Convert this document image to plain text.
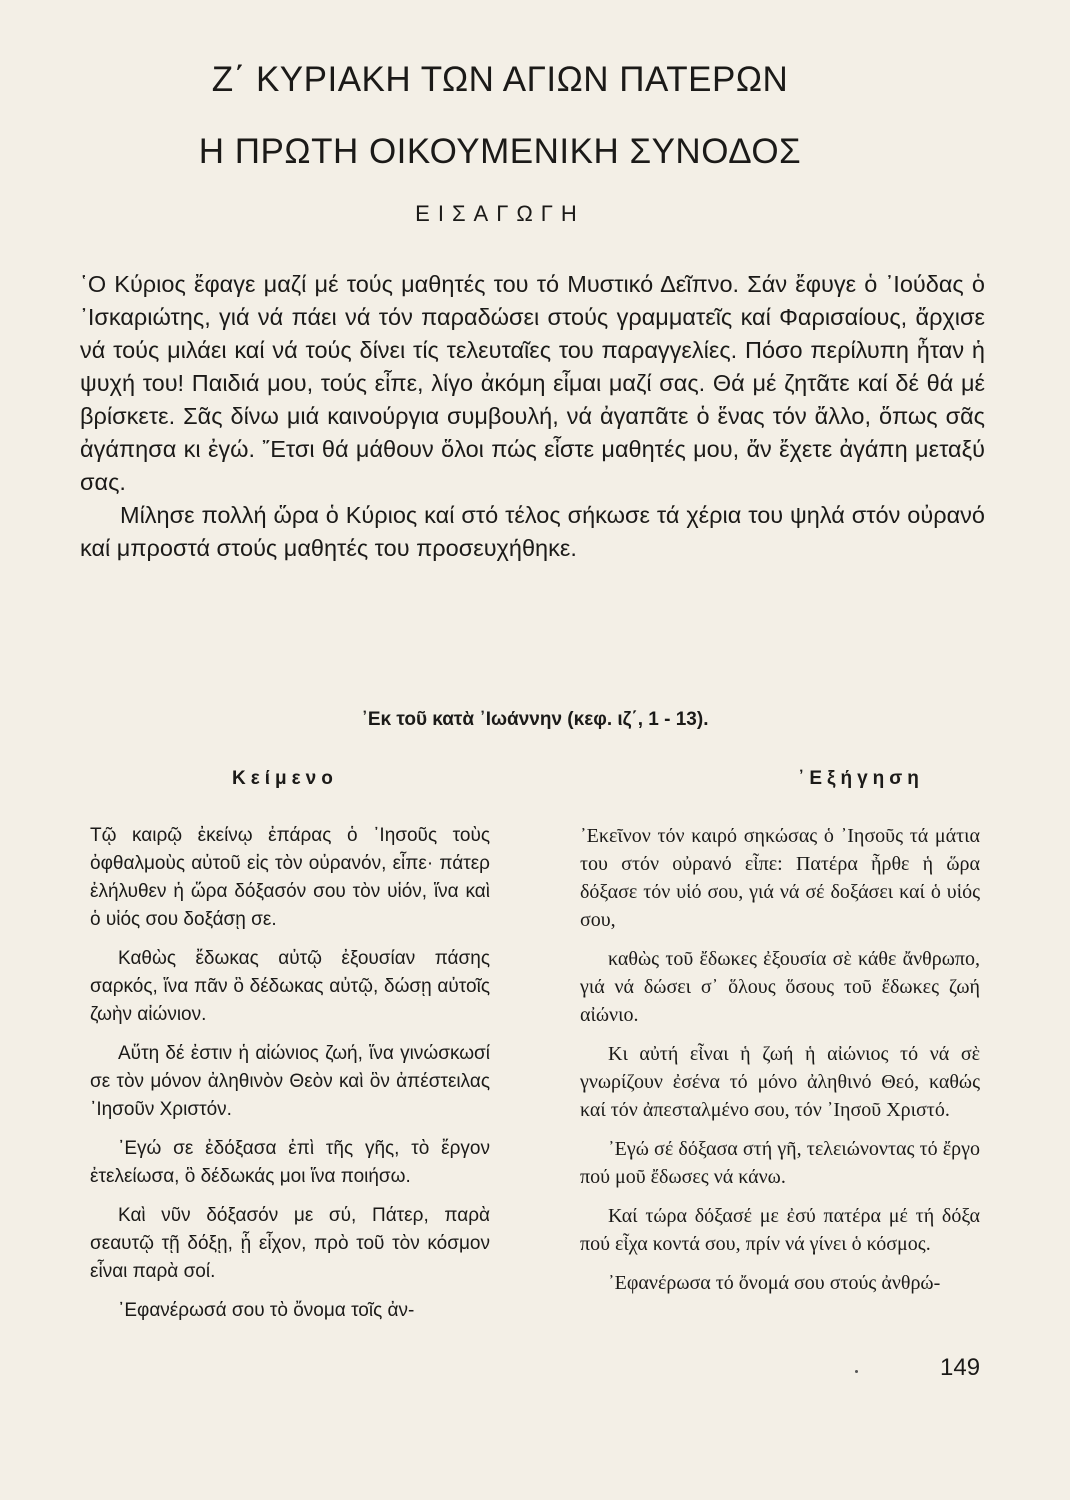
Ζ΄ ΚΥΡΙΑΚΗ ΤΩΝ ΑΓΙΩΝ ΠΑΤΕΡΩΝ
Η ΠΡΩΤΗ ΟΙΚΟΥΜΕΝΙΚΗ ΣΥΝΟΔΟΣ
ΕΙΣΑΓΩΓΗ

῾Ο Κύριος ἔφαγε μαζί μέ τούς μαθητές του τό Μυστικό Δεῖπνο. Σάν ἔφυγε ὁ ᾿Ιούδας ὁ ᾿Ισκαριώτης, γιά νά πάει νά τόν παραδώσει στούς γραμματεῖς καί Φαρισαίους, ἄρχισε νά τούς μιλάει καί νά τούς δίνει τίς τελευταῖες του παραγγελίες. Πόσο περίλυπη ἦταν ἡ ψυχή του! Παιδιά μου, τούς εἶπε, λίγο ἀκόμη εἶμαι μαζί σας. Θά μέ ζητᾶτε καί δέ θά μέ βρίσκετε. Σᾶς δίνω μιά καινούργια συμβουλή, νά ἀγαπᾶτε ὁ ἕνας τόν ἄλλο, ὅπως σᾶς ἀγάπησα κι ἐγώ. ῎Ετσι θά μάθουν ὅλοι πώς εἶστε μαθητές μου, ἄν ἔχετε ἀγάπη μεταξύ σας.

Μίλησε πολλή ὥρα ὁ Κύριος καί στό τέλος σήκωσε τά χέρια του ψηλά στόν οὐρανό καί μπροστά στούς μαθητές του προσευχήθηκε.

᾿Εκ τοῦ κατὰ ᾿Ιωάννην (κεφ. ιζ΄, 1 - 13).
Κείμενο	᾿Εξήγηση

Τῷ καιρῷ ἐκείνῳ ἐπάρας ὁ ᾿Ιησοῦς τοὺς ὀφθαλμοὺς αὐτοῦ εἰς τὸν οὐρανόν, εἶπε· πάτερ ἐλήλυθεν ἡ ὥρα δόξασόν σου τὸν υἱόν, ἵνα καὶ ὁ υἱός σου δοξάσῃ σε.

Καθὼς ἔδωκας αὐτῷ ἐξουσίαν πάσης σαρκός, ἵνα πᾶν ὃ δέδωκας αὐτῷ, δώσῃ αὐτοῖς ζωὴν αἰώνιον.

Αὕτη δέ ἐστιν ἡ αἰώνιος ζωή, ἵνα γινώσκωσί σε τὸν μόνον ἀληθινὸν Θεὸν καὶ ὃν ἀπέστειλας ᾿Ιησοῦν Χριστόν.

᾿Εγώ σε ἐδόξασα ἐπὶ τῆς γῆς, τὸ ἔργον ἐτελείωσα, ὃ δέδωκάς μοι ἵνα ποιήσω.

Καὶ νῦν δόξασόν με σύ, Πάτερ, παρὰ σεαυτῷ τῇ δόξῃ, ᾗ εἶχον, πρὸ τοῦ τὸν κόσμον εἶναι παρὰ σοί.

᾿Εφανέρωσά σου τὸ ὄνομα τοῖς ἀν-

᾿Εκεῖνον τόν καιρό σηκώσας ὁ ᾿Ιησοῦς τά μάτια του στόν οὐρανό εἶπε: Πατέρα ἦρθε ἡ ὥρα δόξασε τόν υἱό σου, γιά νά σέ δοξάσει καί ὁ υἱός σου,

καθὼς τοῦ ἔδωκες ἐξουσία σὲ κάθε ἄνθρωπο, γιά νά δώσει σ᾿ ὅλους ὅσους τοῦ ἔδωκες ζωή αἰώνιο.

Κι αὐτή εἶναι ἡ ζωή ἡ αἰώνιος τό νά σὲ γνωρίζουν ἐσένα τό μόνο ἀληθινό Θεό, καθώς καί τόν ἀπεσταλμένο σου, τόν ᾿Ιησοῦ Χριστό.

᾿Εγώ σέ δόξασα στή γῆ, τελειώνοντας τό ἔργο πού μοῦ ἔδωσες νά κάνω.

Καί τώρα δόξασέ με ἐσύ πατέρα μέ τή δόξα πού εἶχα κοντά σου, πρίν νά γίνει ὁ κόσμος.

᾿Εφανέρωσα τό ὄνομά σου στούς ἀνθρώ-

149
